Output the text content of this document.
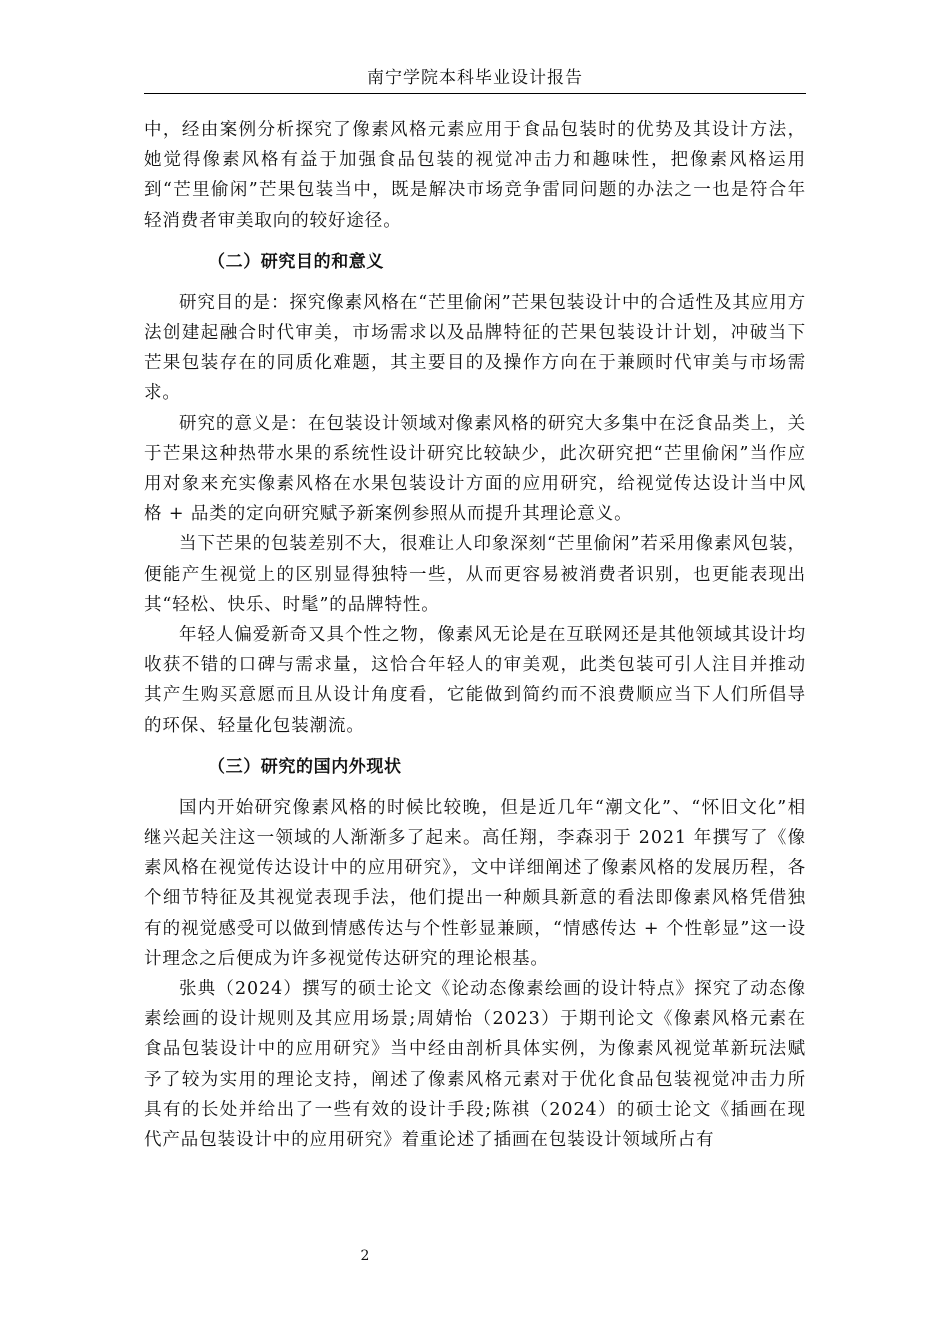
南宁学院本科毕业设计报告

中，经由案例分析探究了像素风格元素应用于食品包装时的优势及其设计方法，她觉得像素风格有益于加强食品包装的视觉冲击力和趣味性，把像素风格运用到“芒里偷闲”芒果包装当中，既是解决市场竞争雷同问题的办法之一也是符合年轻消费者审美取向的较好途径。

（二）研究目的和意义

研究目的是：探究像素风格在“芒里偷闲”芒果包装设计中的合适性及其应用方法创建起融合时代审美，市场需求以及品牌特征的芒果包装设计计划，冲破当下芒果包装存在的同质化难题，其主要目的及操作方向在于兼顾时代审美与市场需求。

研究的意义是：在包装设计领域对像素风格的研究大多集中在泛食品类上，关于芒果这种热带水果的系统性设计研究比较缺少，此次研究把“芒里偷闲”当作应用对象来充实像素风格在水果包装设计方面的应用研究，给视觉传达设计当中风格 + 品类的定向研究赋予新案例参照从而提升其理论意义。

当下芒果的包装差别不大，很难让人印象深刻“芒里偷闲”若采用像素风包装，便能产生视觉上的区别显得独特一些，从而更容易被消费者识别，也更能表现出其“轻松、快乐、时髦”的品牌特性。

年轻人偏爱新奇又具个性之物，像素风无论是在互联网还是其他领域其设计均收获不错的口碑与需求量，这恰合年轻人的审美观，此类包装可引人注目并推动其产生购买意愿而且从设计角度看，它能做到简约而不浪费顺应当下人们所倡导的环保、轻量化包装潮流。

（三）研究的国内外现状

国内开始研究像素风格的时候比较晚，但是近几年“潮文化”、“怀旧文化”相继兴起关注这一领域的人渐渐多了起来。高任翔，李森羽于 2021 年撰写了《像素风格在视觉传达设计中的应用研究》，文中详细阐述了像素风格的发展历程，各个细节特征及其视觉表现手法，他们提出一种颇具新意的看法即像素风格凭借独有的视觉感受可以做到情感传达与个性彰显兼顾，“情感传达 + 个性彰显”这一设计理念之后便成为许多视觉传达研究的理论根基。

张典（2024）撰写的硕士论文《论动态像素绘画的设计特点》探究了动态像素绘画的设计规则及其应用场景;周婧怡（2023）于期刊论文《像素风格元素在食品包装设计中的应用研究》当中经由剖析具体实例，为像素风视觉革新玩法赋予了较为实用的理论支持，阐述了像素风格元素对于优化食品包装视觉冲击力所具有的长处并给出了一些有效的设计手段;陈祺（2024）的硕士论文《插画在现代产品包装设计中的应用研究》着重论述了插画在包装设计领域所占有

2
